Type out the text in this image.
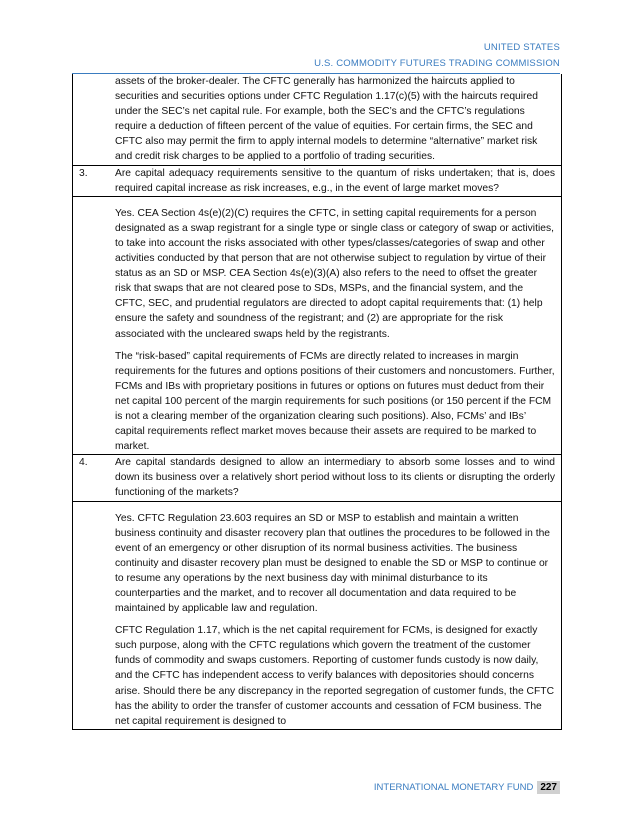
UNITED STATES
U.S. COMMODITY FUTURES TRADING COMMISSION

assets of the broker-dealer. The CFTC generally has harmonized the haircuts applied to securities and securities options under CFTC Regulation 1.17(c)(5) with the haircuts required under the SEC’s net capital rule. For example, both the SEC’s and the CFTC’s regulations require a deduction of fifteen percent of the value of equities. For certain firms, the SEC and CFTC also may permit the firm to apply internal models to determine “alternative” market risk and credit risk charges to be applied to a portfolio of trading securities.

3.	Are capital adequacy requirements sensitive to the quantum of risks undertaken; that is, does required capital increase as risk increases, e.g., in the event of large market moves?

Yes. CEA Section 4s(e)(2)(C) requires the CFTC, in setting capital requirements for a person designated as a swap registrant for a single type or single class or category of swap or activities, to take into account the risks associated with other types/classes/categories of swap and other activities conducted by that person that are not otherwise subject to regulation by virtue of their status as an SD or MSP. CEA Section 4s(e)(3)(A) also refers to the need to offset the greater risk that swaps that are not cleared pose to SDs, MSPs, and the financial system, and the CFTC, SEC, and prudential regulators are directed to adopt capital requirements that: (1) help ensure the safety and soundness of the registrant; and (2) are appropriate for the risk associated with the uncleared swaps held by the registrants.

The “risk-based” capital requirements of FCMs are directly related to increases in margin requirements for the futures and options positions of their customers and noncustomers. Further, FCMs and IBs with proprietary positions in futures or options on futures must deduct from their net capital 100 percent of the margin requirements for such positions (or 150 percent if the FCM is not a clearing member of the organization clearing such positions). Also, FCMs’ and IBs’ capital requirements reflect market moves because their assets are required to be marked to market.

4.	Are capital standards designed to allow an intermediary to absorb some losses and to wind down its business over a relatively short period without loss to its clients or disrupting the orderly functioning of the markets?

Yes. CFTC Regulation 23.603 requires an SD or MSP to establish and maintain a written business continuity and disaster recovery plan that outlines the procedures to be followed in the event of an emergency or other disruption of its normal business activities. The business continuity and disaster recovery plan must be designed to enable the SD or MSP to continue or to resume any operations by the next business day with minimal disturbance to its counterparties and the market, and to recover all documentation and data required to be maintained by applicable law and regulation.

CFTC Regulation 1.17, which is the net capital requirement for FCMs, is designed for exactly such purpose, along with the CFTC regulations which govern the treatment of the customer funds of commodity and swaps customers. Reporting of customer funds custody is now daily, and the CFTC has independent access to verify balances with depositories should concerns arise. Should there be any discrepancy in the reported segregation of customer funds, the CFTC has the ability to order the transfer of customer accounts and cessation of FCM business. The net capital requirement is designed to

INTERNATIONAL MONETARY FUND 227
